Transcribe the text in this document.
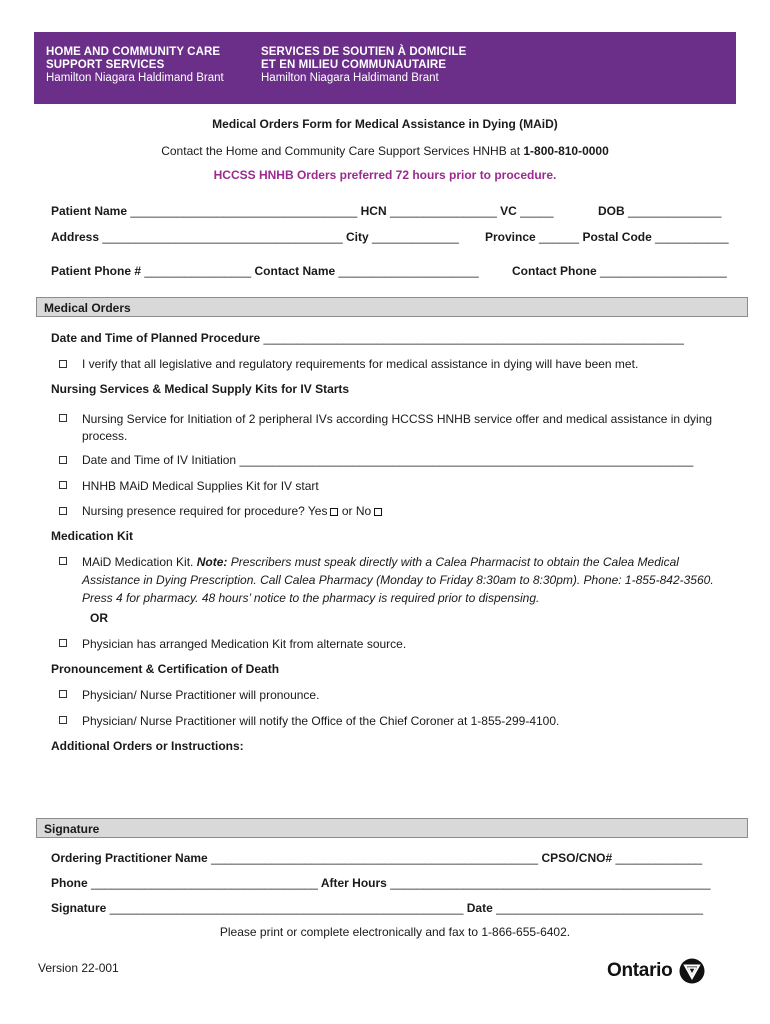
HOME AND COMMUNITY CARE
SUPPORT SERVICES
Hamilton Niagara Haldimand Brant
SERVICES DE SOUTIEN À DOMICILE
ET EN MILIEU COMMUNAUTAIRE
Hamilton Niagara Haldimand Brant
Medical Orders Form for Medical Assistance in Dying (MAiD)
Contact the Home and Community Care Support Services HNHB at 1-800-810-0000
HCCSS HNHB Orders preferred 72 hours prior to procedure.
Patient Name __________________________________ HCN ________________ VC _____	DOB ______________
Address ____________________________________ City _____________ Province ______ Postal Code ___________
Patient Phone # ________________ Contact Name _____________________	Contact Phone ___________________
Medical Orders
Date and Time of Planned Procedure _______________________________________________________________
I verify that all legislative and regulatory requirements for medical assistance in dying will have been met.
Nursing Services & Medical Supply Kits for IV Starts
Nursing Service for Initiation of 2 peripheral IVs according HCCSS HNHB service offer and medical assistance in dying
process.
Date and Time of IV Initiation ____________________________________________________________________
HNHB MAiD Medical Supplies Kit for IV start
Nursing presence required for procedure? Yes or No
Medication Kit
MAiD Medication Kit. Note: Prescribers must speak directly with a Calea Pharmacist to obtain the Calea Medical
Assistance in Dying Prescription. Call Calea Pharmacy (Monday to Friday 8:30am to 8:30pm). Phone: 1-855-842-3560.
Press 4 for pharmacy. 48 hours’ notice to the pharmacy is required prior to dispensing.
OR
Physician has arranged Medication Kit from alternate source.
Pronouncement & Certification of Death
Physician/ Nurse Practitioner will pronounce.
Physician/ Nurse Practitioner will notify the Office of the Chief Coroner at 1-855-299-4100.
Additional Orders or Instructions:
Signature
Ordering Practitioner Name _________________________________________________ CPSO/CNO# _____________
Phone __________________________________ After Hours ________________________________________________
Signature _____________________________________________________ Date _______________________________
Please print or complete electronically and fax to 1-866-655-6402.
Version 22-001	Ontario
